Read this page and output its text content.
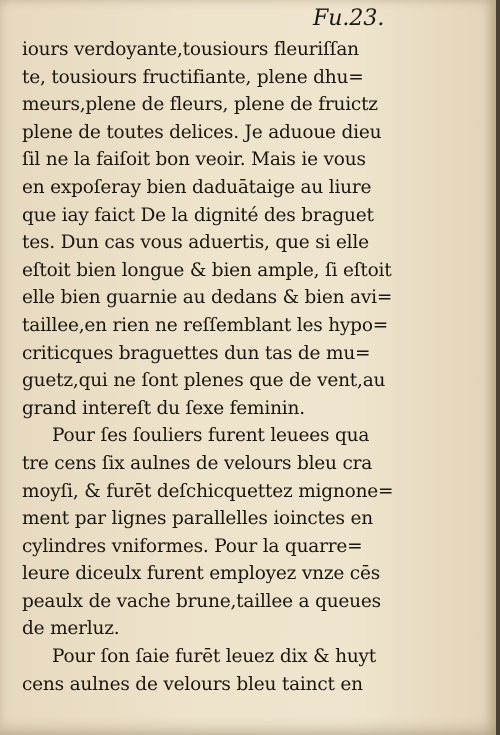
Fu.23.
iours verdoyante,tousiours fleuriſſan
te, tousiours fructifiante, plene dhu=
meurs,plene de fleurs, plene de fruictz
plene de toutes delices. Je aduoue dieu
ſil ne la faiſoit bon veoir. Mais ie vous
en expoſeray bien daduātaige au liure
que iay faict De la dignité des braguet
tes. Dun cas vous aduertis, que si elle
eſtoit bien longue & bien ample, ſi eſtoit
elle bien guarnie au dedans & bien avi=
taillee,en rien ne reſſemblant les hypo=
criticques braguettes dun tas de mu=
guetz,qui ne ſont plenes que de vent,au
grand intereſt du ſexe feminin.
Pour ſes ſouliers furent leuees qua
tre cens ſix aulnes de velours bleu cra
moyſi, & furēt deſchicquettez mignone=
ment par lignes parallelles ioinctes en
cylindres vniformes. Pour la quarre=
leure diceulx furent employez vnze cēs
peaulx de vache brune,taillee a queues
de merluz.
Pour ſon ſaie furēt leuez dix & huyt
cens aulnes de velours bleu tainct en
